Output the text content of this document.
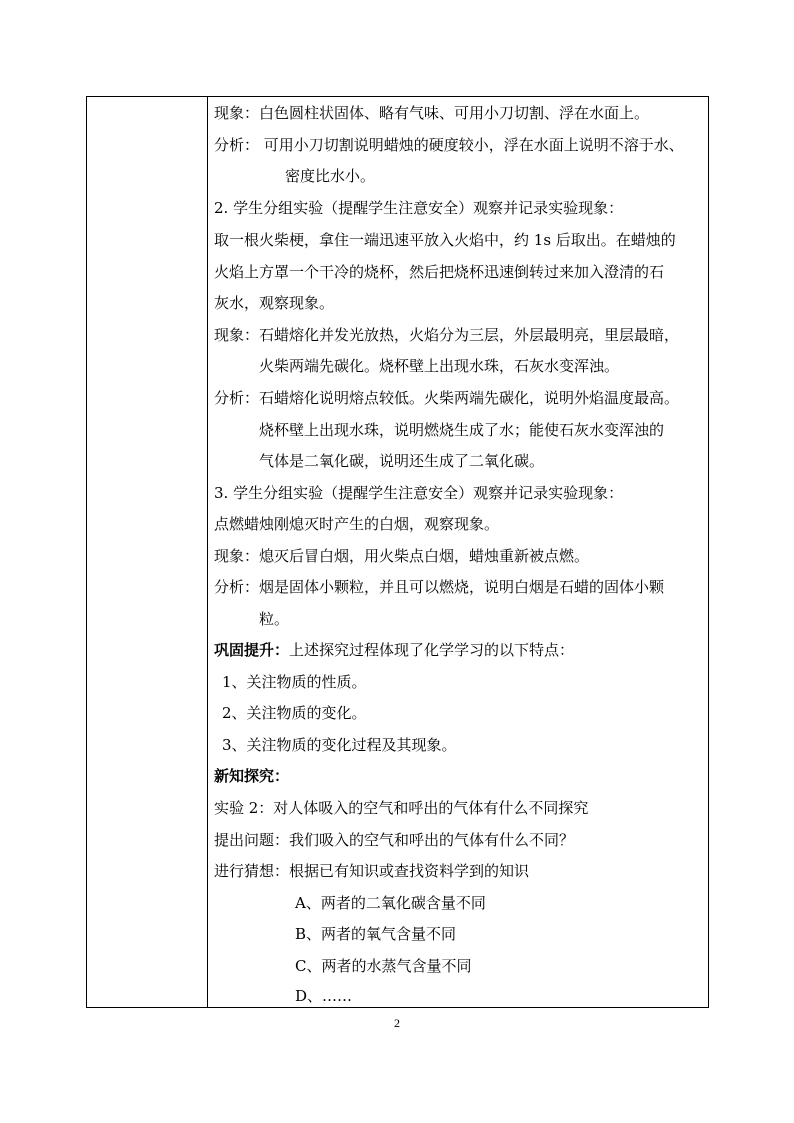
现象：白色圆柱状固体、略有气味、可用小刀切割、浮在水面上。
分析： 可用小刀切割说明蜡烛的硬度较小，浮在水面上说明不溶于水、
密度比水小。
2. 学生分组实验（提醒学生注意安全）观察并记录实验现象：
取一根火柴梗，拿住一端迅速平放入火焰中，约 1s 后取出。在蜡烛的
火焰上方罩一个干冷的烧杯，然后把烧杯迅速倒转过来加入澄清的石
灰水，观察现象。
现象：石蜡熔化并发光放热，火焰分为三层，外层最明亮，里层最暗，
火柴两端先碳化。烧杯壁上出现水珠，石灰水变浑浊。
分析：石蜡熔化说明熔点较低。火柴两端先碳化，说明外焰温度最高。
烧杯壁上出现水珠，说明燃烧生成了水；能使石灰水变浑浊的
气体是二氧化碳，说明还生成了二氧化碳。
3. 学生分组实验（提醒学生注意安全）观察并记录实验现象：
点燃蜡烛刚熄灭时产生的白烟，观察现象。
现象：熄灭后冒白烟，用火柴点白烟，蜡烛重新被点燃。
分析：烟是固体小颗粒，并且可以燃烧，说明白烟是石蜡的固体小颗
粒。
巩固提升：上述探究过程体现了化学学习的以下特点：
1、关注物质的性质。
2、关注物质的变化。
3、关注物质的变化过程及其现象。
新知探究：
实验 2：对人体吸入的空气和呼出的气体有什么不同探究
提出问题：我们吸入的空气和呼出的气体有什么不同？
进行猜想：根据已有知识或查找资料学到的知识
A、两者的二氧化碳含量不同
B、两者的氧气含量不同
C、两者的水蒸气含量不同
D、……
2
